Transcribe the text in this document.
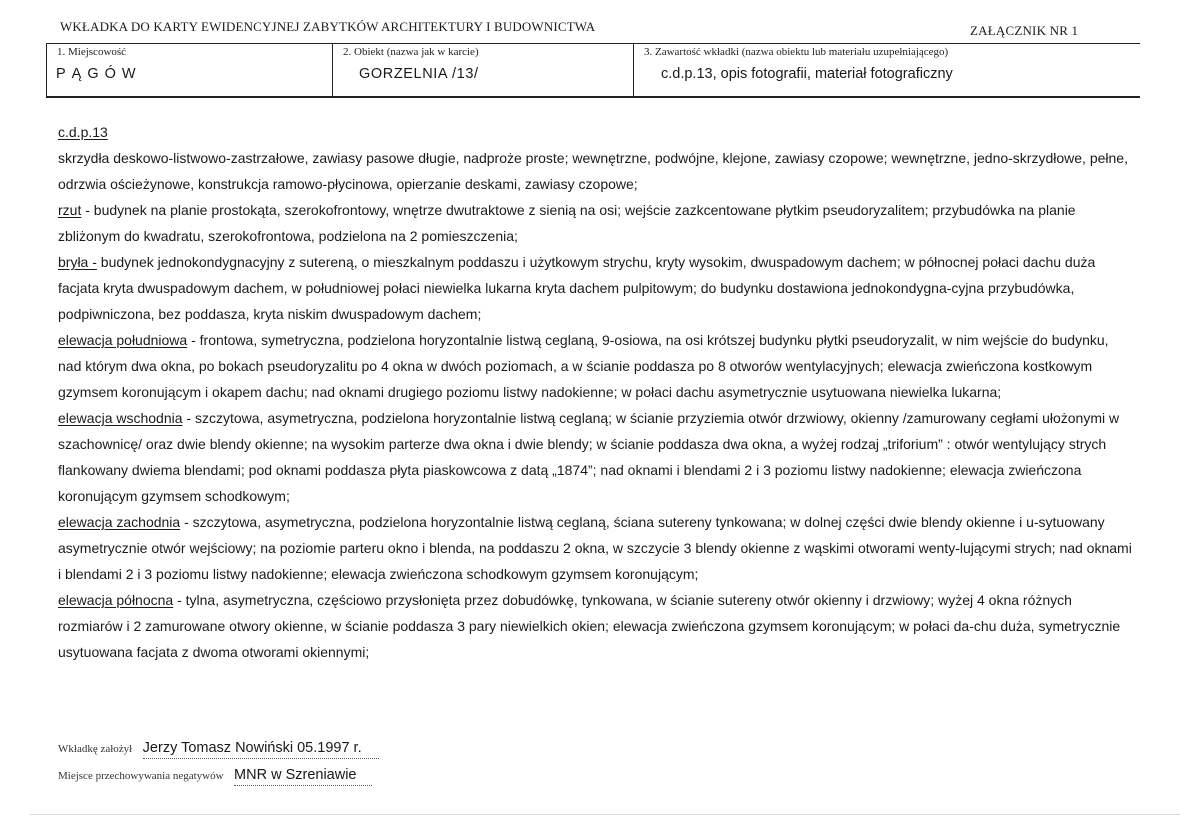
WKŁADKA DO KARTY EWIDENCYJNEJ ZABYTKÓW ARCHITEKTURY I BUDOWNICTWA	ZAŁĄCZNIK NR 1
1. Miejscowość
PĄGÓW
2. Obiekt (nazwa jak w karcie)
GORZELNIA /13/
3. Zawartość wkładki (nazwa obiektu lub materiału uzupełniającego)
c.d.p.13, opis fotografii, materiał fotograficzny

c.d.p.13

skrzydła deskowo-listwowo-zastrzałowe, zawiasy pasowe długie, nadproże proste; wewnętrzne, podwójne, klejone, zawiasy czopowe; wewnętrzne, jedno-skrzydłowe, pełne, odrzwia ościeżynowe, konstrukcja ramowo-płycinowa, opierzanie deskami, zawiasy czopowe;

rzut - budynek na planie prostokąta, szerokofrontowy, wnętrze dwutraktowe z sienią na osi; wejście zazkcentowane płytkim pseudoryzalitem; przybudówka na planie zbliżonym do kwadratu, szerokofrontowa, podzielona na 2 pomieszczenia;

bryła - budynek jednokondygnacyjny z sutereną, o mieszkalnym poddaszu i użytkowym strychu, kryty wysokim, dwuspadowym dachem; w północnej połaci dachu duża facjata kryta dwuspadowym dachem, w południowej połaci niewielka lukarna kryta dachem pulpitowym; do budynku dostawiona jednokondygna-cyjna przybudówka, podpiwniczona, bez poddasza, kryta niskim dwuspadowym dachem;

elewacja południowa - frontowa, symetryczna, podzielona horyzontalnie listwą ceglaną, 9-osiowa, na osi krótszej budynku płytki pseudoryzalit, w nim wejście do budynku, nad którym dwa okna, po bokach pseudoryzalitu po 4 okna w dwóch poziomach, a w ścianie poddasza po 8 otworów wentylacyjnych; elewacja zwieńczona kostkowym gzymsem koronującym i okapem dachu; nad oknami drugiego poziomu listwy nadokienne; w połaci dachu asymetrycznie usytuowana niewielka lukarna;

elewacja wschodnia - szczytowa, asymetryczna, podzielona horyzontalnie listwą ceglaną; w ścianie przyziemia otwór drzwiowy, okienny /zamurowany cegłami ułożonymi w szachownicę/ oraz dwie blendy okienne; na wysokim parterze dwa okna i dwie blendy; w ścianie poddasza dwa okna, a wyżej rodzaj „triforium” : otwór wentylujący strych flankowany dwiema blendami; pod oknami poddasza płyta piaskowcowa z datą „1874”; nad oknami i blendami 2 i 3 poziomu listwy nadokienne; elewacja zwieńczona koronującym gzymsem schodkowym;

elewacja zachodnia - szczytowa, asymetryczna, podzielona horyzontalnie listwą ceglaną, ściana sutereny tynkowana; w dolnej części dwie blendy okienne i u-sytuowany asymetrycznie otwór wejściowy; na poziomie parteru okno i blenda, na poddaszu 2 okna, w szczycie 3 blendy okienne z wąskimi otworami wenty-lującymi strych; nad oknami i blendami 2 i 3 poziomu listwy nadokienne; elewacja zwieńczona schodkowym gzymsem koronującym;

elewacja północna - tylna, asymetryczna, częściowo przysłonięta przez dobudówkę, tynkowana, w ścianie sutereny otwór okienny i drzwiowy; wyżej 4 okna różnych rozmiarów i 2 zamurowane otwory okienne, w ścianie poddasza 3 pary niewielkich okien; elewacja zwieńczona gzymsem koronującym; w połaci da-chu duża, symetrycznie usytuowana facjata z dwoma otworami okiennymi;

Wkładkę założył Jerzy Tomasz Nowiński 05.1997 r.
Miejsce przechowywania negatywów MNR w Szreniawie
